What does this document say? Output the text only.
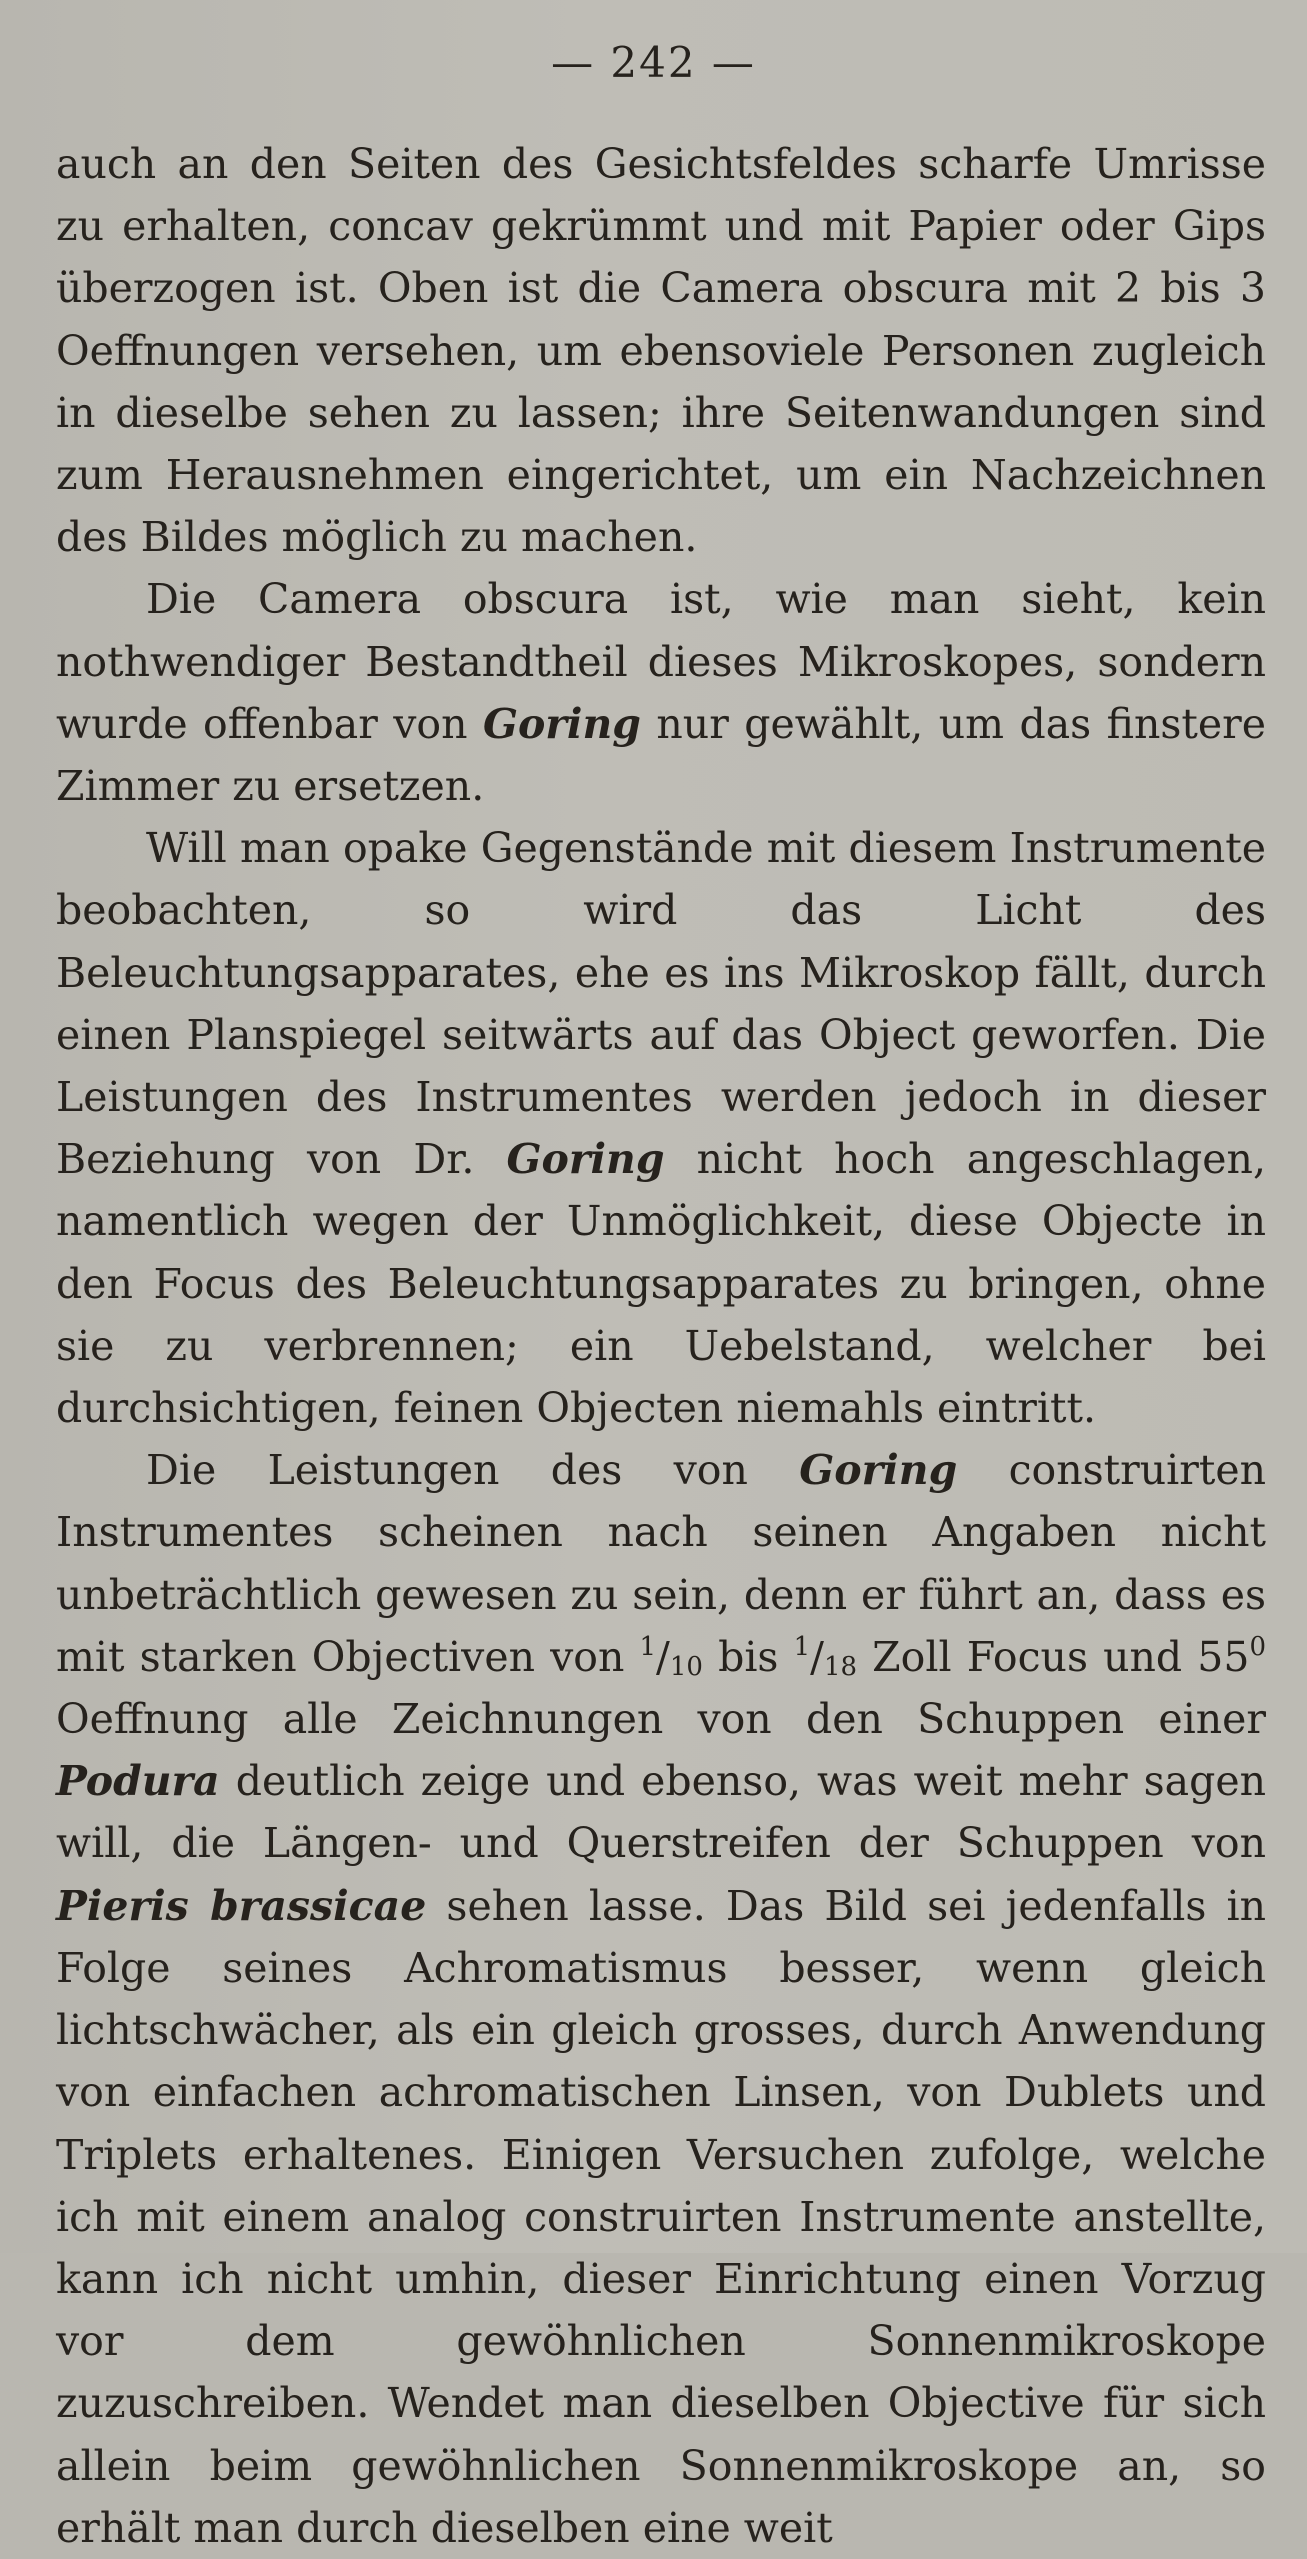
— 242 —

auch an den Seiten des Gesichtsfeldes scharfe Umrisse zu erhalten, concav gekrümmt und mit Papier oder Gips überzogen ist. Oben ist die Camera obscura mit 2 bis 3 Oeffnungen versehen, um ebensoviele Personen zugleich in dieselbe sehen zu lassen; ihre Seitenwandungen sind zum Herausnehmen eingerichtet, um ein Nachzeichnen des Bildes möglich zu machen.

Die Camera obscura ist, wie man sieht, kein nothwendiger Bestandtheil dieses Mikroskopes, sondern wurde offenbar von Goring nur gewählt, um das finstere Zimmer zu ersetzen.

Will man opake Gegenstände mit diesem Instrumente beobachten, so wird das Licht des Beleuchtungsapparates, ehe es ins Mikroskop fällt, durch einen Planspiegel seitwärts auf das Object geworfen. Die Leistungen des Instrumentes werden jedoch in dieser Beziehung von Dr. Goring nicht hoch angeschlagen, namentlich wegen der Unmöglichkeit, diese Objecte in den Focus des Beleuchtungsapparates zu bringen, ohne sie zu verbrennen; ein Uebelstand, welcher bei durchsichtigen, feinen Objecten niemahls eintritt.

Die Leistungen des von Goring construirten Instrumentes scheinen nach seinen Angaben nicht unbeträchtlich gewesen zu sein, denn er führt an, dass es mit starken Objectiven von $^1/_{10}$ bis $^1/_{18}$ Zoll Focus und $55^0$ Oeffnung alle Zeichnungen von den Schuppen einer Podura deutlich zeige und ebenso, was weit mehr sagen will, die Längen- und Querstreifen der Schuppen von Pieris brassicae sehen lasse. Das Bild sei jedenfalls in Folge seines Achromatismus besser, wenn gleich lichtschwächer, als ein gleich grosses, durch Anwendung von einfachen achromatischen Linsen, von Dublets und Triplets erhaltenes. Einigen Versuchen zufolge, welche ich mit einem analog construirten Instrumente anstellte, kann ich nicht umhin, dieser Einrichtung einen Vorzug vor dem gewöhnlichen Sonnenmikroskope zuzuschreiben. Wendet man dieselben Objective für sich allein beim gewöhnlichen Sonnenmikroskope an, so erhält man durch dieselben eine weit
